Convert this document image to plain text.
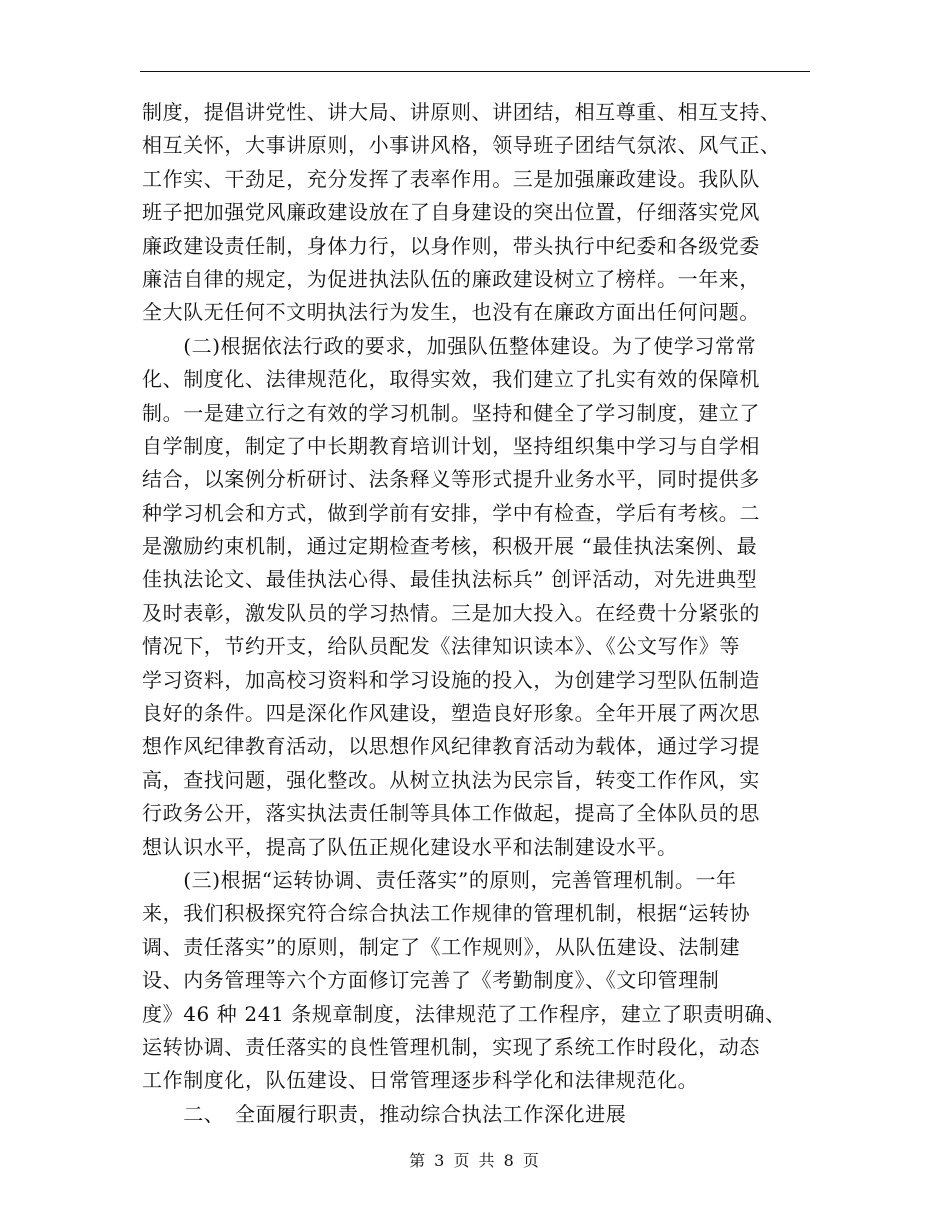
制度，提倡讲党性、讲大局、讲原则、讲团结，相互尊重、相互支持、
相互关怀，大事讲原则，小事讲风格，领导班子团结气氛浓、风气正、
工作实、干劲足，充分发挥了表率作用。三是加强廉政建设。我队队
班子把加强党风廉政建设放在了自身建设的突出位置，仔细落实党风
廉政建设责任制，身体力行，以身作则，带头执行中纪委和各级党委
廉洁自律的规定，为促进执法队伍的廉政建设树立了榜样。一年来，
全大队无任何不文明执法行为发生，也没有在廉政方面出任何问题。
　　(二)根据依法行政的要求，加强队伍整体建设。为了使学习常常
化、制度化、法律规范化，取得实效，我们建立了扎实有效的保障机
制。一是建立行之有效的学习机制。坚持和健全了学习制度，建立了
自学制度，制定了中长期教育培训计划，坚持组织集中学习与自学相
结合，以案例分析研讨、法条释义等形式提升业务水平，同时提供多
种学习机会和方式，做到学前有安排，学中有检查，学后有考核。二
是激励约束机制，通过定期检查考核，积极开展 “最佳执法案例、最
佳执法论文、最佳执法心得、最佳执法标兵” 创评活动，对先进典型
及时表彰，激发队员的学习热情。三是加大投入。在经费十分紧张的
情况下，节约开支，给队员配发《法律知识读本》、《公文写作》等
学习资料，加高校习资料和学习设施的投入，为创建学习型队伍制造
良好的条件。四是深化作风建设，塑造良好形象。全年开展了两次思
想作风纪律教育活动，以思想作风纪律教育活动为载体，通过学习提
高，查找问题，强化整改。从树立执法为民宗旨，转变工作作风，实
行政务公开，落实执法责任制等具体工作做起，提高了全体队员的思
想认识水平，提高了队伍正规化建设水平和法制建设水平。
　　(三)根据“运转协调、责任落实”的原则，完善管理机制。一年
来，我们积极探究符合综合执法工作规律的管理机制，根据“运转协
调、责任落实”的原则，制定了《工作规则》，从队伍建设、法制建
设、内务管理等六个方面修订完善了《考勤制度》、《文印管理制
度》46 种 241 条规章制度，法律规范了工作程序，建立了职责明确、
运转协调、责任落实的良性管理机制，实现了系统工作时段化，动态
工作制度化，队伍建设、日常管理逐步科学化和法律规范化。
　　二、　全面履行职责，推动综合执法工作深化进展
第 3 页 共 8 页
